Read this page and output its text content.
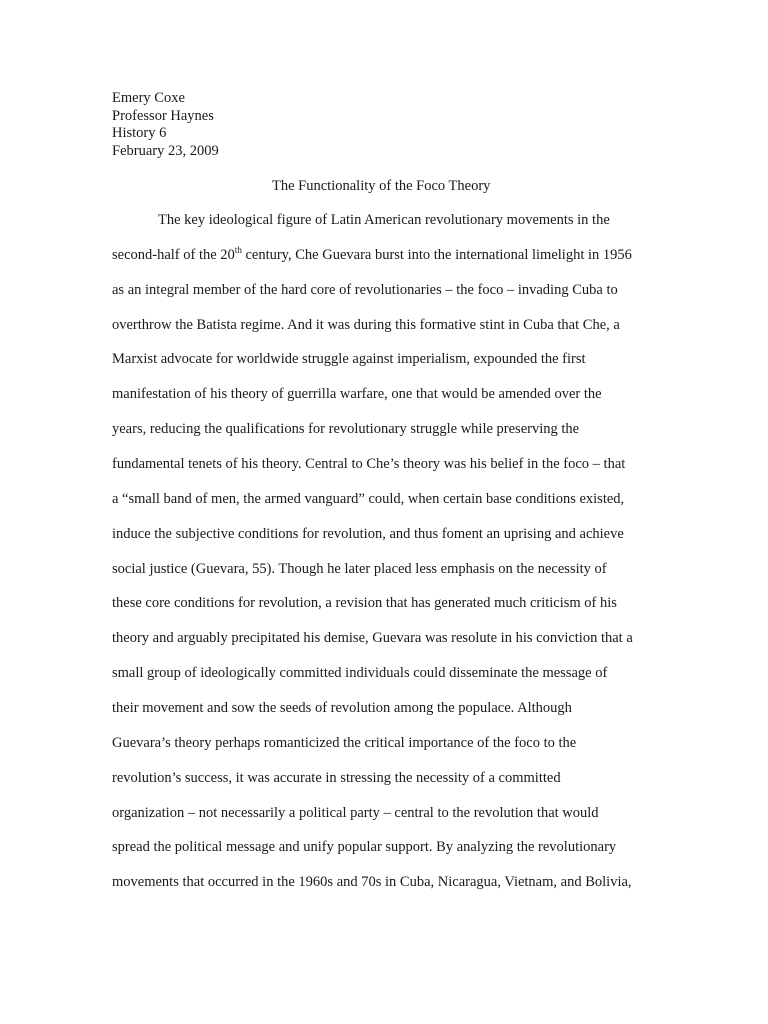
Emery Coxe
Professor Haynes
History 6
February 23, 2009
The Functionality of the Foco Theory
The key ideological figure of Latin American revolutionary movements in the
second-half of the 20th century, Che Guevara burst into the international limelight in 1956
as an integral member of the hard core of revolutionaries – the foco – invading Cuba to
overthrow the Batista regime. And it was during this formative stint in Cuba that Che, a
Marxist advocate for worldwide struggle against imperialism, expounded the first
manifestation of his theory of guerrilla warfare, one that would be amended over the
years, reducing the qualifications for revolutionary struggle while preserving the
fundamental tenets of his theory. Central to Che’s theory was his belief in the foco – that
a “small band of men, the armed vanguard” could, when certain base conditions existed,
induce the subjective conditions for revolution, and thus foment an uprising and achieve
social justice (Guevara, 55). Though he later placed less emphasis on the necessity of
these core conditions for revolution, a revision that has generated much criticism of his
theory and arguably precipitated his demise, Guevara was resolute in his conviction that a
small group of ideologically committed individuals could disseminate the message of
their movement and sow the seeds of revolution among the populace. Although
Guevara’s theory perhaps romanticized the critical importance of the foco to the
revolution’s success, it was accurate in stressing the necessity of a committed
organization – not necessarily a political party – central to the revolution that would
spread the political message and unify popular support. By analyzing the revolutionary
movements that occurred in the 1960s and 70s in Cuba, Nicaragua, Vietnam, and Bolivia,
